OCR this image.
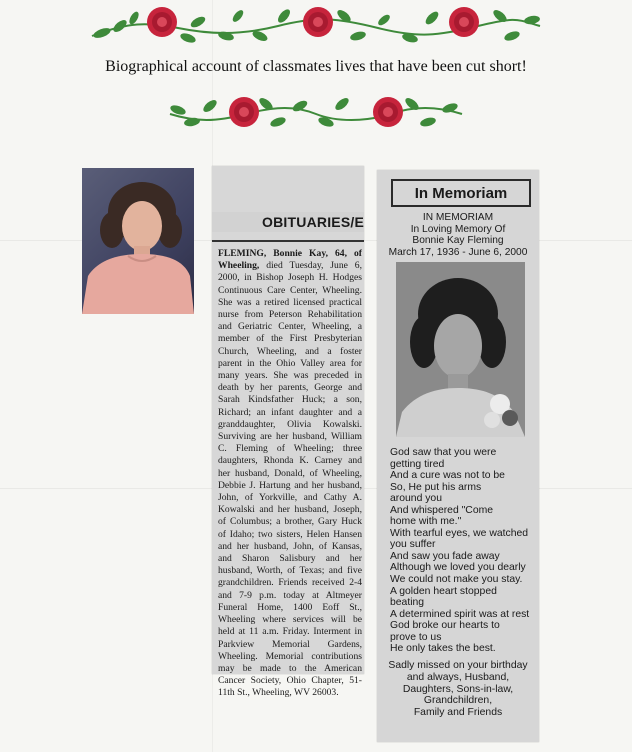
Biographical account of classmates lives that have been cut short!
OBITUARIES/E
FLEMING, Bonnie Kay, 64, of Wheeling, died Tuesday, June 6, 2000, in Bishop Joseph H. Hodges Continuous Care Center, Wheeling. She was a retired licensed practical nurse from Peterson Rehabilitation and Geriatric Center, Wheeling, a member of the First Presbyterian Church, Wheeling, and a foster parent in the Ohio Valley area for many years. She was preceded in death by her parents, George and Sarah Kindsfather Huck; a son, Richard; an infant daughter and a granddaughter, Olivia Kowalski. Surviving are her husband, William C. Fleming of Wheeling; three daughters, Rhonda K. Carney and her husband, Donald, of Wheeling, Debbie J. Hartung and her husband, John, of Yorkville, and Cathy A. Kowalski and her husband, Joseph, of Columbus; a brother, Gary Huck of Idaho; two sisters, Helen Hansen and her husband, John, of Kansas, and Sharon Salisbury and her husband, Worth, of Texas; and five grandchildren. Friends received 2-4 and 7-9 p.m. today at Altmeyer Funeral Home, 1400 Eoff St., Wheeling where services will be held at 11 a.m. Friday. Interment in Parkview Memorial Gardens, Wheeling. Memorial contributions may be made to the American Cancer Society, Ohio Chapter, 51-11th St., Wheeling, WV 26003.
In Memoriam
IN MEMORIAM
In Loving Memory Of
Bonnie Kay Fleming
March 17, 1936 - June 6, 2000
God saw that you were
getting tired
And a cure was not to be
So, He put his arms
around you
And whispered "Come
home with me."
With tearful eyes, we watched
you suffer
And saw you fade away
Although we loved you dearly
We could not make you stay.
A golden heart stopped
beating
A determined spirit was at rest
God broke our hearts to
prove to us
He only takes the best.
Sadly missed on your birthday
and always, Husband,
Daughters, Sons-in-law,
Grandchildren,
Family and Friends
